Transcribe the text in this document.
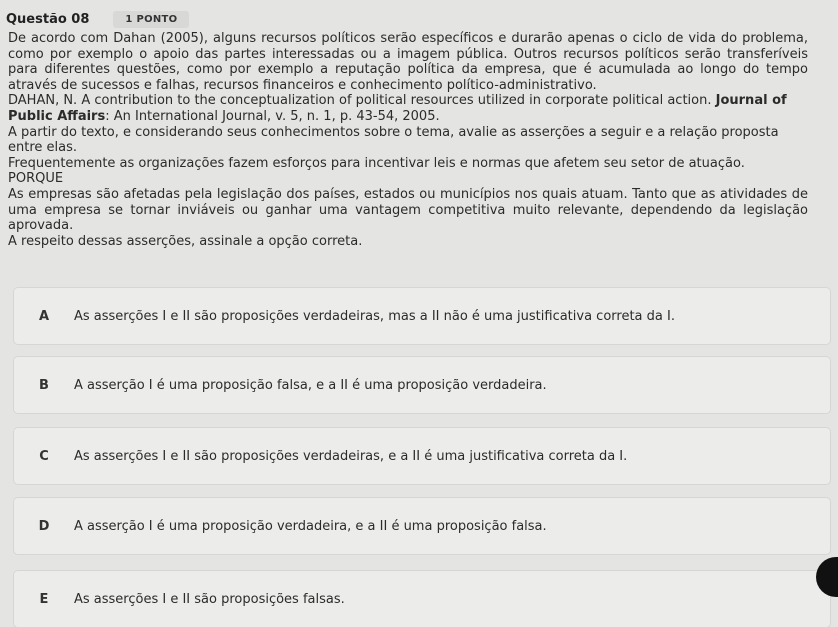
Questão 08	1 PONTO

De acordo com Dahan (2005), alguns recursos políticos serão específicos e durarão apenas o ciclo de vida do problema, como por exemplo o apoio das partes interessadas ou a imagem pública. Outros recursos políticos serão transferíveis para diferentes questões, como por exemplo a reputação política da empresa, que é acumulada ao longo do tempo através de sucessos e falhas, recursos financeiros e conhecimento político-administrativo.

DAHAN, N. A contribution to the conceptualization of political resources utilized in corporate political action. Journal of Public Affairs: An International Journal, v. 5, n. 1, p. 43-54, 2005.

A partir do texto, e considerando seus conhecimentos sobre o tema, avalie as asserções a seguir e a relação proposta entre elas.

Frequentemente as organizações fazem esforços para incentivar leis e normas que afetem seu setor de atuação.

PORQUE

As empresas são afetadas pela legislação dos países, estados ou municípios nos quais atuam. Tanto que as atividades de uma empresa se tornar inviáveis ou ganhar uma vantagem competitiva muito relevante, dependendo da legislação aprovada.

A respeito dessas asserções, assinale a opção correta.

A	As asserções I e II são proposições verdadeiras, mas a II não é uma justificativa correta da I.
B	A asserção I é uma proposição falsa, e a II é uma proposição verdadeira.
C	As asserções I e II são proposições verdadeiras, e a II é uma justificativa correta da I.
D	A asserção I é uma proposição verdadeira, e a II é uma proposição falsa.
E	As asserções I e II são proposições falsas.
